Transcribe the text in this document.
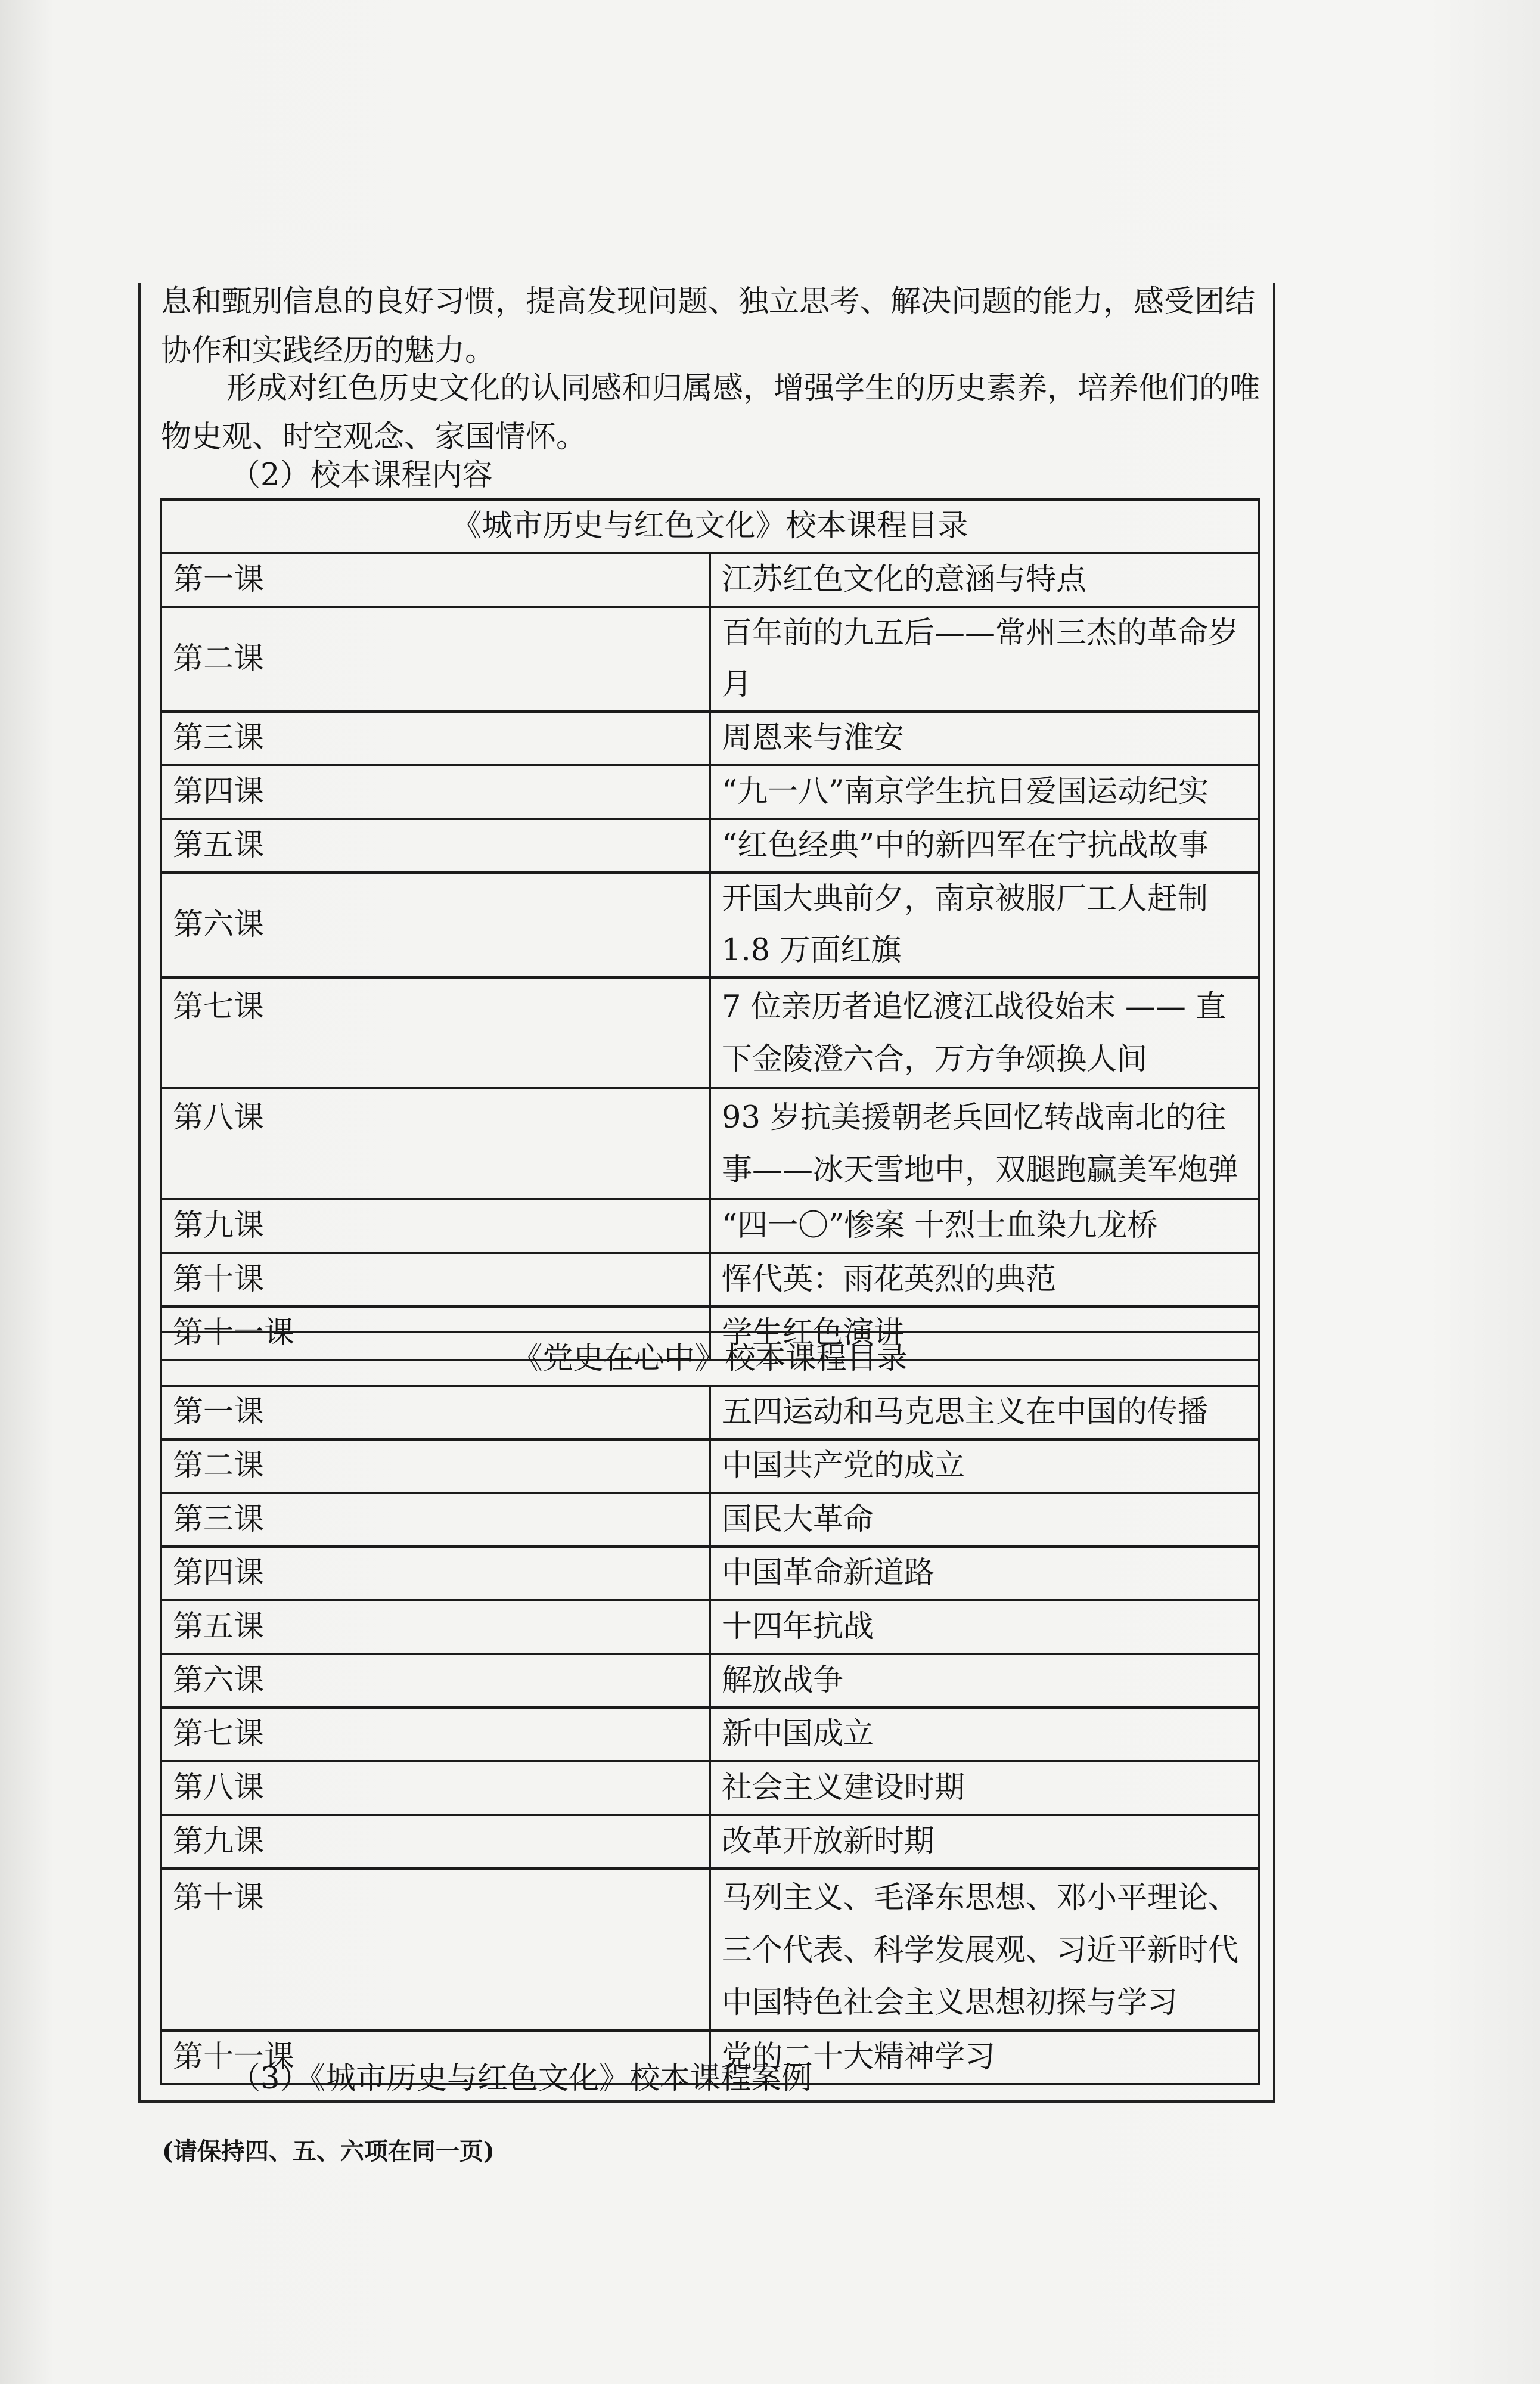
息和甄别信息的良好习惯，提高发现问题、独立思考、解决问题的能力，感受团结协作和实践经历的魅力。

形成对红色历史文化的认同感和归属感，增强学生的历史素养，培养他们的唯物史观、时空观念、家国情怀。

（2）校本课程内容

《城市历史与红色文化》校本课程目录	
第一课	江苏红色文化的意涵与特点
第二课	百年前的九五后——常州三杰的革命岁月
第三课	周恩来与淮安
第四课	“九一八”南京学生抗日爱国运动纪实
第五课	“红色经典”中的新四军在宁抗战故事
第六课	开国大典前夕，南京被服厂工人赶制 1.8 万面红旗
第七课	7 位亲历者追忆渡江战役始末 —— 直下金陵澄六合，万方争颂换人间
第八课	93 岁抗美援朝老兵回忆转战南北的往事——冰天雪地中，双腿跑赢美军炮弹
第九课	“四一〇”惨案 十烈士血染九龙桥
第十课	恽代英：雨花英烈的典范
第十一课	学生红色演讲
《党史在心中》校本课程目录	
第一课	五四运动和马克思主义在中国的传播
第二课	中国共产党的成立
第三课	国民大革命
第四课	中国革命新道路
第五课	十四年抗战
第六课	解放战争
第七课	新中国成立
第八课	社会主义建设时期
第九课	改革开放新时期
第十课	马列主义、毛泽东思想、邓小平理论、三个代表、科学发展观、习近平新时代中国特色社会主义思想初探与学习
第十一课	党的二十大精神学习

（3）《城市历史与红色文化》校本课程案例

(请保持四、五、六项在同一页)
